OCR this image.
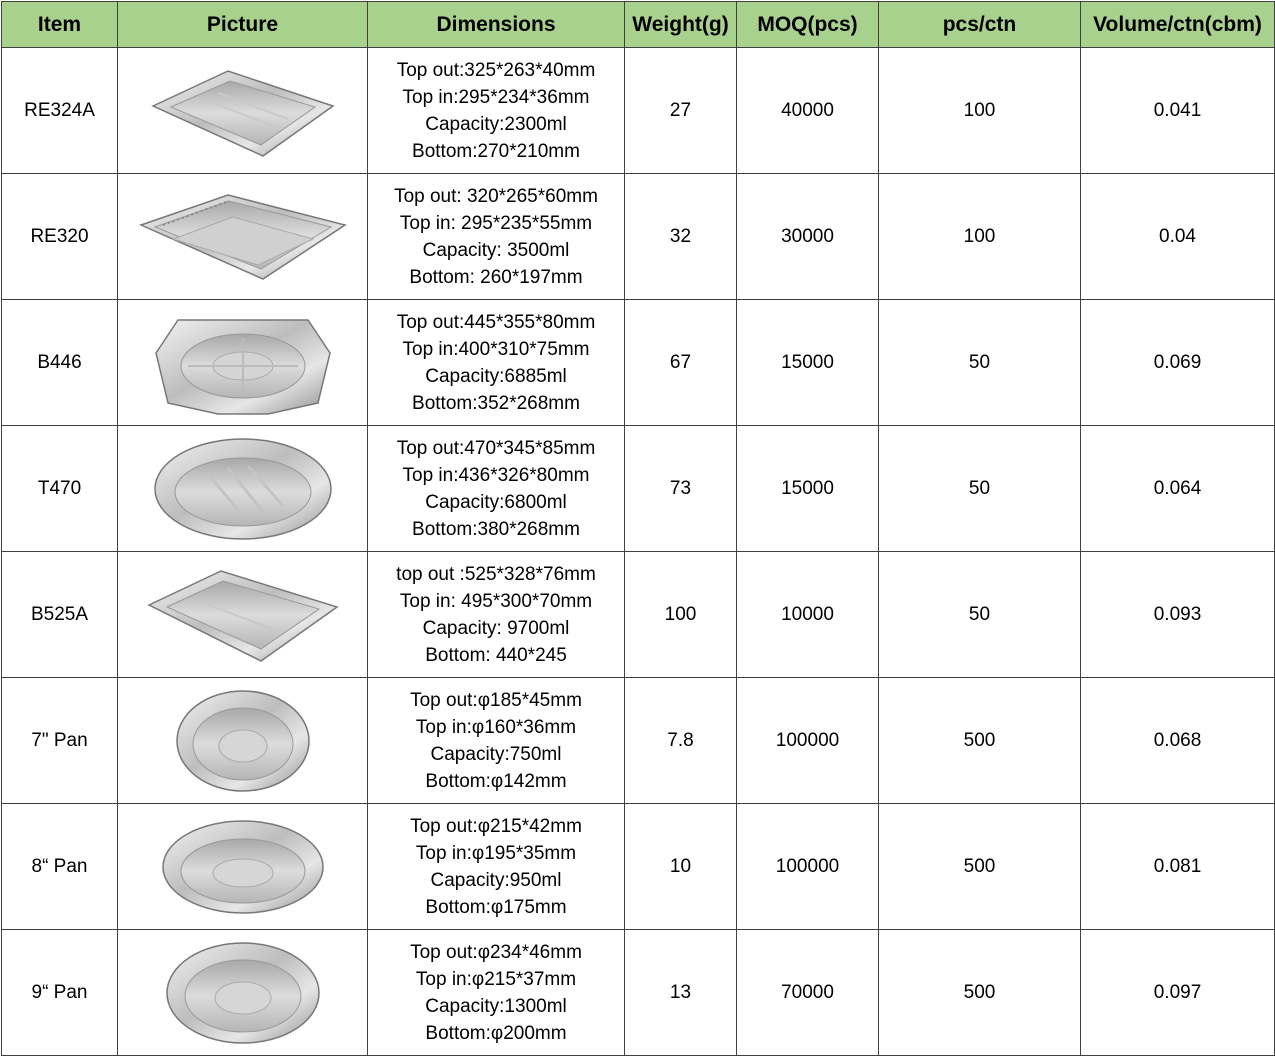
Item	Picture	Dimensions	Weight(g)	MOQ(pcs)	pcs/ctn	Volume/ctn(cbm)
RE324A		Top out:325*263*40mm
Top in:295*234*36mm
Capacity:2300ml
Bottom:270*210mm	27	40000	100	0.041
RE320		Top out: 320*265*60mm
Top in: 295*235*55mm
Capacity: 3500ml
Bottom: 260*197mm	32	30000	100	0.04
B446		Top out:445*355*80mm
Top in:400*310*75mm
Capacity:6885ml
Bottom:352*268mm	67	15000	50	0.069
T470		Top out:470*345*85mm
Top in:436*326*80mm
Capacity:6800ml
Bottom:380*268mm	73	15000	50	0.064
B525A		top out :525*328*76mm
Top in: 495*300*70mm
Capacity: 9700ml
Bottom: 440*245	100	10000	50	0.093
7" Pan		Top out:φ185*45mm
Top in:φ160*36mm
Capacity:750ml
Bottom:φ142mm	7.8	100000	500	0.068
8“ Pan		Top out:φ215*42mm
Top in:φ195*35mm
Capacity:950ml
Bottom:φ175mm	10	100000	500	0.081
9“ Pan		Top out:φ234*46mm
Top in:φ215*37mm
Capacity:1300ml
Bottom:φ200mm	13	70000	500	0.097
